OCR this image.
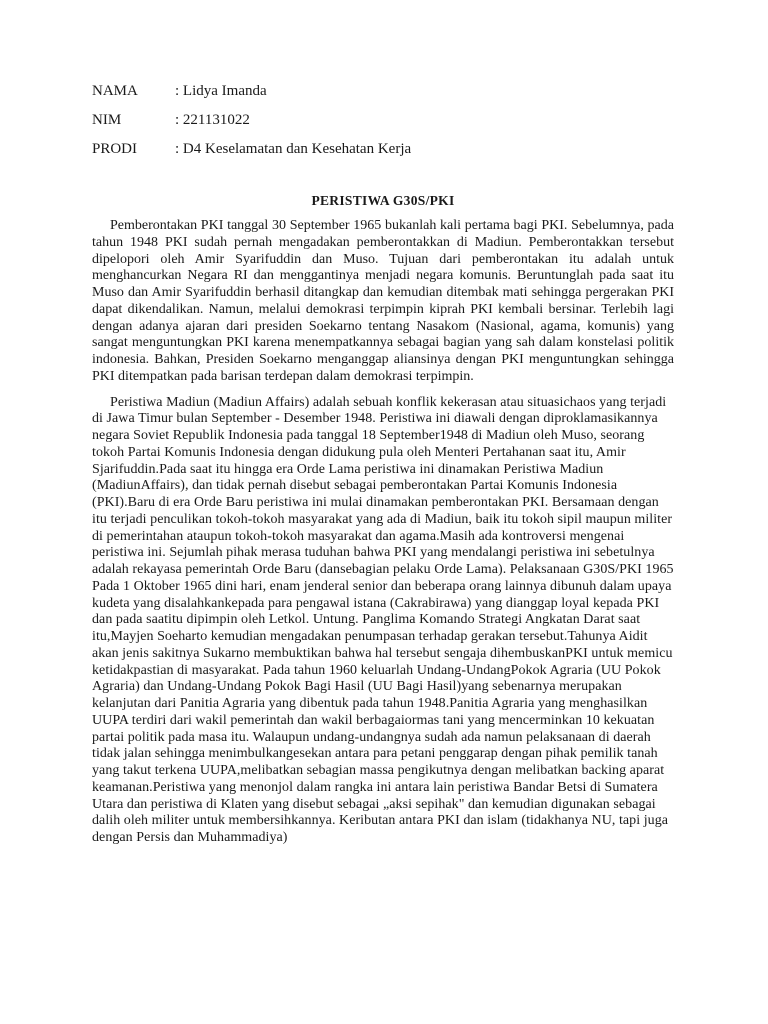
NAMA	: Lidya Imanda
NIM	: 221131022
PRODI	: D4 Keselamatan dan Kesehatan Kerja
PERISTIWA G30S/PKI

Pemberontakan PKI tanggal 30 September 1965 bukanlah kali pertama bagi PKI. Sebelumnya, pada tahun 1948 PKI sudah pernah mengadakan pemberontakkan di Madiun. Pemberontakkan tersebut dipelopori oleh Amir Syarifuddin dan Muso. Tujuan dari pemberontakan itu adalah untuk menghancurkan Negara RI dan menggantinya menjadi negara komunis. Beruntunglah pada saat itu Muso dan Amir Syarifuddin berhasil ditangkap dan kemudian ditembak mati sehingga pergerakan PKI dapat dikendalikan. Namun, melalui demokrasi terpimpin kiprah PKI kembali bersinar. Terlebih lagi dengan adanya ajaran dari presiden Soekarno tentang Nasakom (Nasional, agama, komunis) yang sangat menguntungkan PKI karena menempatkannya sebagai bagian yang sah dalam konstelasi politik indonesia. Bahkan, Presiden Soekarno menganggap aliansinya dengan PKI menguntungkan sehingga PKI ditempatkan pada barisan terdepan dalam demokrasi terpimpin.

Peristiwa Madiun (Madiun Affairs) adalah sebuah konflik kekerasan atau situasichaos yang terjadi di Jawa Timur bulan September - Desember 1948. Peristiwa ini diawali dengan diproklamasikannya negara Soviet Republik Indonesia pada tanggal 18 September1948 di Madiun oleh Muso, seorang tokoh Partai Komunis Indonesia dengan didukung pula oleh Menteri Pertahanan saat itu, Amir Sjarifuddin.Pada saat itu hingga era Orde Lama peristiwa ini dinamakan Peristiwa Madiun (MadiunAffairs), dan tidak pernah disebut sebagai pemberontakan Partai Komunis Indonesia (PKI).Baru di era Orde Baru peristiwa ini mulai dinamakan pemberontakan PKI. Bersamaan dengan itu terjadi penculikan tokoh-tokoh masyarakat yang ada di Madiun, baik itu tokoh sipil maupun militer di pemerintahan ataupun tokoh-tokoh masyarakat dan agama.Masih ada kontroversi mengenai peristiwa ini. Sejumlah pihak merasa tuduhan bahwa PKI yang mendalangi peristiwa ini sebetulnya adalah rekayasa pemerintah Orde Baru (dansebagian pelaku Orde Lama). Pelaksanaan G30S/PKI 1965 Pada 1 Oktober 1965 dini hari, enam jenderal senior dan beberapa orang lainnya dibunuh dalam upaya kudeta yang disalahkankepada para pengawal istana (Cakrabirawa) yang dianggap loyal kepada PKI dan pada saatitu dipimpin oleh Letkol. Untung. Panglima Komando Strategi Angkatan Darat saat itu,Mayjen Soeharto kemudian mengadakan penumpasan terhadap gerakan tersebut.Tahunya Aidit akan jenis sakitnya Sukarno membuktikan bahwa hal tersebut sengaja dihembuskanPKI untuk memicu ketidakpastian di masyarakat. Pada tahun 1960 keluarlah Undang-UndangPokok Agraria (UU Pokok Agraria) dan Undang-Undang Pokok Bagi Hasil (UU Bagi Hasil)yang sebenarnya merupakan kelanjutan dari Panitia Agraria yang dibentuk pada tahun 1948.Panitia Agraria yang menghasilkan UUPA terdiri dari wakil pemerintah dan wakil berbagaiormas tani yang mencerminkan 10 kekuatan partai politik pada masa itu. Walaupun undang-undangnya sudah ada namun pelaksanaan di daerah tidak jalan sehingga menimbulkangesekan antara para petani penggarap dengan pihak pemilik tanah yang takut terkena UUPA,melibatkan sebagian massa pengikutnya dengan melibatkan backing aparat keamanan.Peristiwa yang menonjol dalam rangka ini antara lain peristiwa Bandar Betsi di Sumatera Utara dan peristiwa di Klaten yang disebut sebagai „aksi sepihak" dan kemudian digunakan sebagai dalih oleh militer untuk membersihkannya. Keributan antara PKI dan islam (tidakhanya NU, tapi juga dengan Persis dan Muhammadiya)
